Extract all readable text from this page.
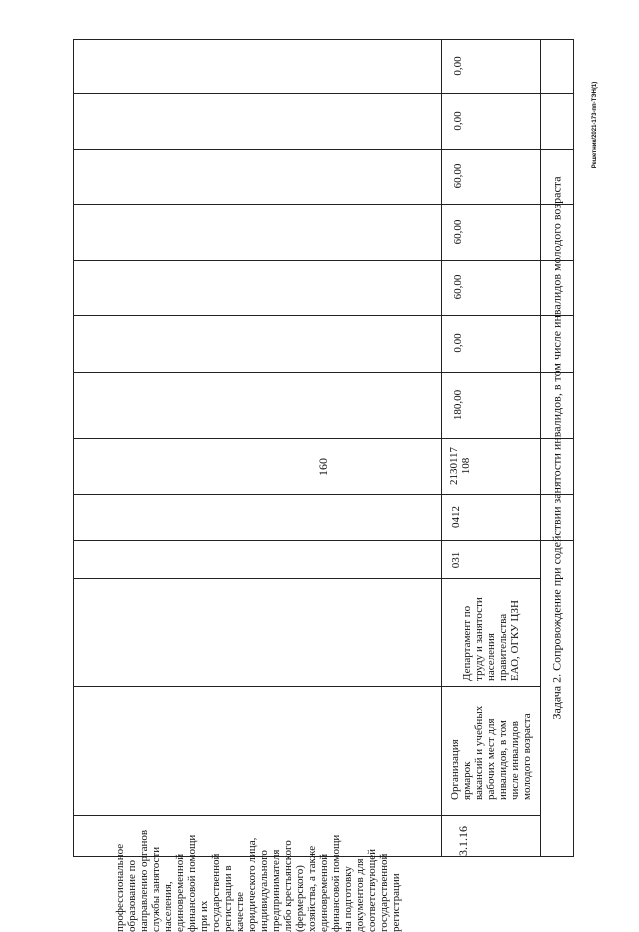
160
Решетник/2021-173-пп-ТЭН(1)
профессиональное
образование по
направлению органов
службы занятости
населения,
единовременной
финансовой помощи
при их
государственной
регистрации в
качестве
юридического лица,
индивидуального
предпринимателя
либо крестьянского
(фермерского)
хозяйства, а также
единовременной
финансовой помощи
на подготовку
документов для
соответствующей
государственной
регистрации
3.1.16
Организация ярмарок
вакансий и учебных
рабочих мест для
инвалидов, в том
числе инвалидов
молодого возраста
Департамент по
труду и занятости
населения
правительства
ЕАО, ОГКУ ЦЗН
031
0412
2130117
108
180,00
0,00
60,00
60,00
60,00
0,00
0,00
Задача 2. Сопровождение при содействии занятости инвалидов, в том числе инвалидов молодого возраста
